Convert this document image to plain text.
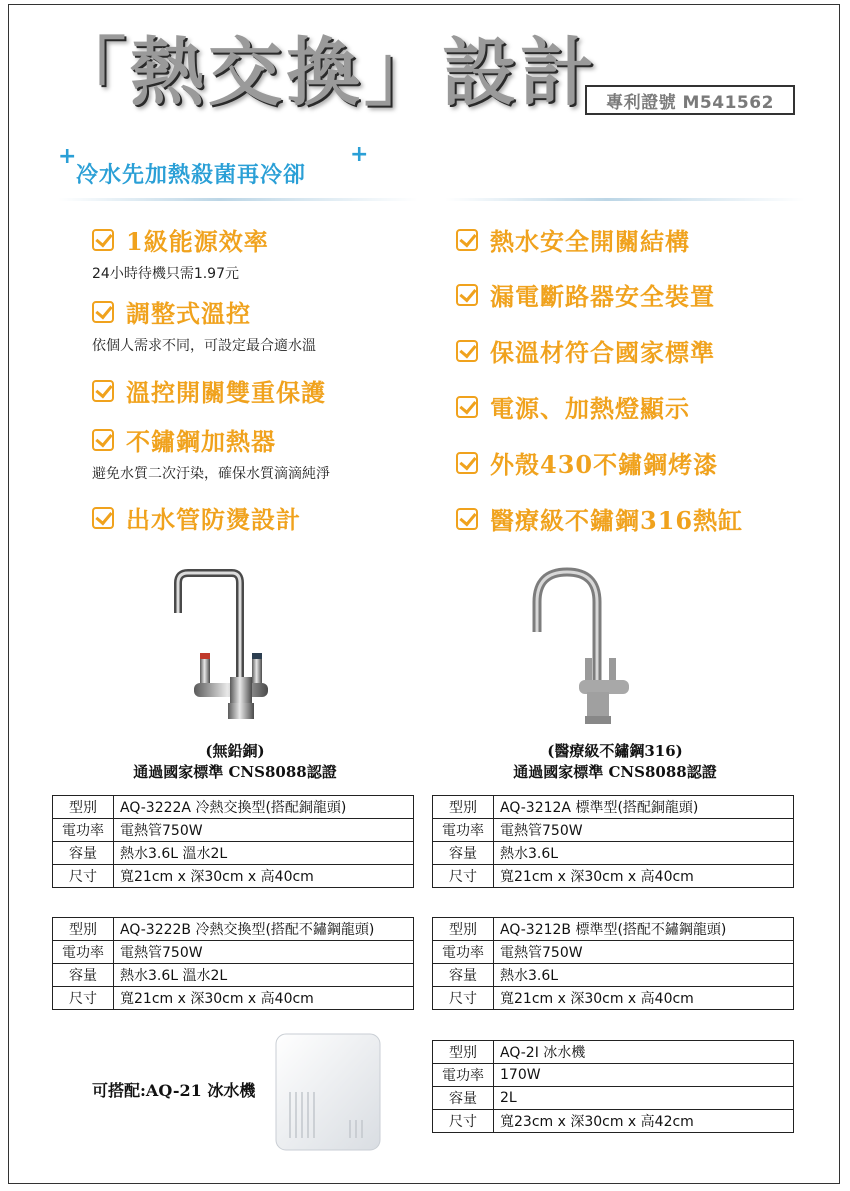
「熱交換」設計 專利證號 M541562
+
冷水先加熱殺菌再冷卻
+
1級能源效率
24小時待機只需1.97元
調整式溫控
依個人需求不同，可設定最合適水溫
溫控開關雙重保護
不鏽鋼加熱器
避免水質二次汙染，確保水質滴滴純淨
出水管防燙設計
熱水安全開關結構
漏電斷路器安全裝置
保溫材符合國家標準
電源、加熱燈顯示
外殼430不鏽鋼烤漆
醫療級不鏽鋼316熱缸
(無鉛銅)
通過國家標準 CNS8088認證
(醫療級不鏽鋼316)
通過國家標準 CNS8088認證
型別	AQ-3222A 冷熱交換型(搭配銅龍頭)
電功率	電熱管750W
容量	熱水3.6L 溫水2L
尺寸	寬21cm x 深30cm x 高40cm
型別	AQ-3212A 標準型(搭配銅龍頭)
電功率	電熱管750W
容量	熱水3.6L
尺寸	寬21cm x 深30cm x 高40cm
型別	AQ-3222B 冷熱交換型(搭配不鏽鋼龍頭)
電功率	電熱管750W
容量	熱水3.6L 溫水2L
尺寸	寬21cm x 深30cm x 高40cm
型別	AQ-3212B 標準型(搭配不鏽鋼龍頭)
電功率	電熱管750W
容量	熱水3.6L
尺寸	寬21cm x 深30cm x 高40cm
可搭配:AQ-21 冰水機
型別	AQ-2I 冰水機
電功率	170W
容量	2L
尺寸	寬23cm x 深30cm x 高42cm
